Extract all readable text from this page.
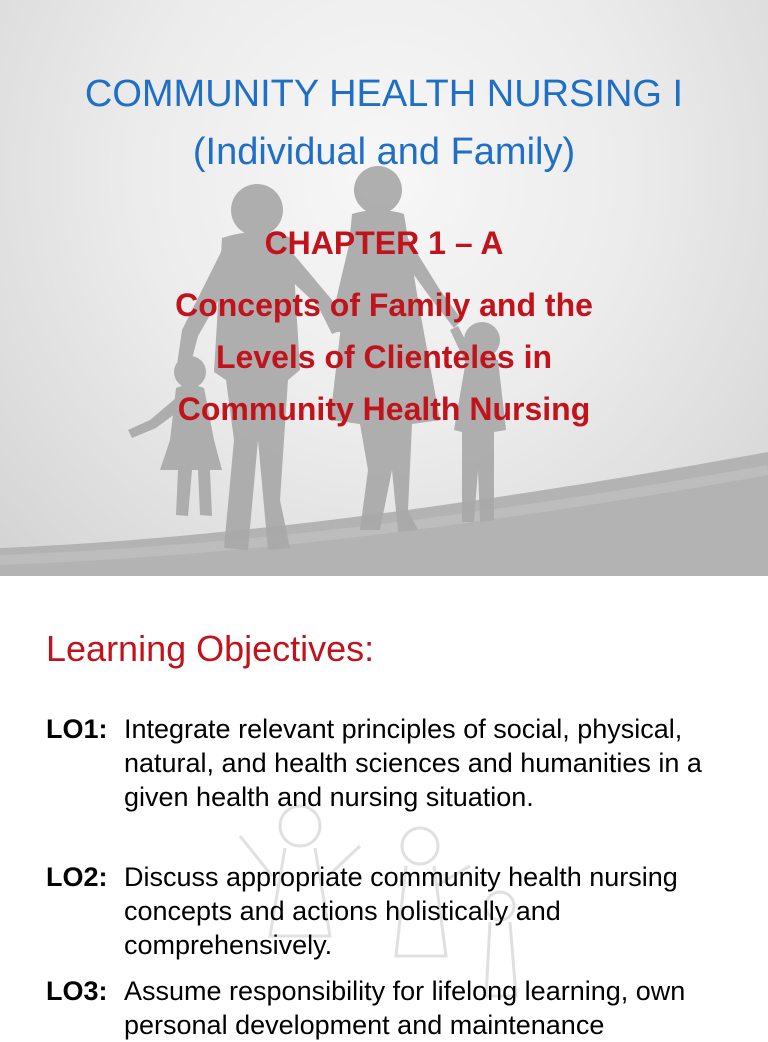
COMMUNITY HEALTH NURSING I
(Individual and Family)
CHAPTER 1 – A
Concepts of Family and the
Levels of Clienteles in
Community Health Nursing
Learning Objectives:
LO1: Integrate relevant principles of social, physical, natural, and health sciences and humanities in a given health and nursing situation.
LO2: Discuss appropriate community health nursing concepts and actions holistically and comprehensively.
LO3: Assume responsibility for lifelong learning, own personal development and maintenance
